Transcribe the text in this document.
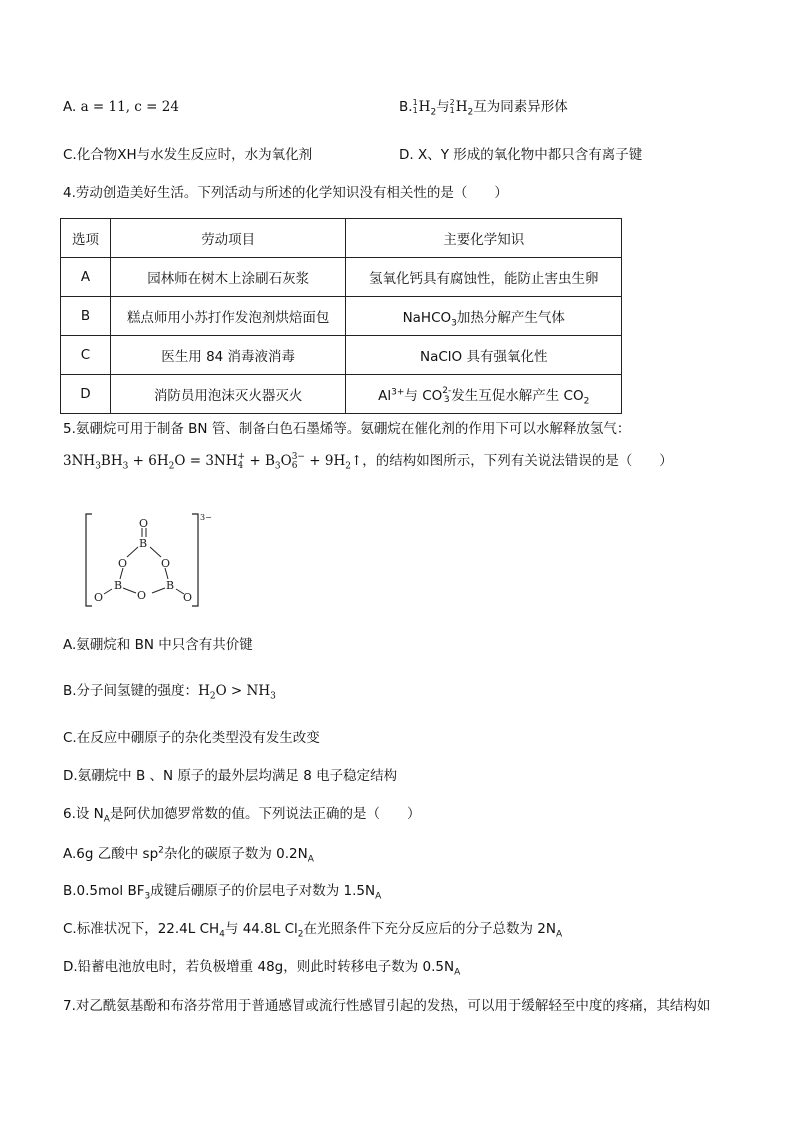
A. a = 11, c = 24	B.1
$1H_2$与2
$1H_2$互为同素异形体
C.化合物XH与水发生反应时，水为氧化剂	D. X、Y 形成的氧化物中都只含有离子键
4.劳动创造美好生活。下列活动与所述的化学知识没有相关性的是（　　）
选项	劳动项目	主要化学知识
A	园林师在树木上涂刷石灰浆	氢氧化钙具有腐蚀性，能防止害虫生卵
B	糕点师用小苏打作发泡剂烘焙面包	NaHCO$_3$加热分解产生气体
C	医生用 84 消毒液消毒	NaClO 具有强氧化性
D	消防员用泡沫灭火器灭火	$Al^{3+}$与 CO2-
3 发生互促水解产生 $CO_2$
5.氨硼烷可用于制备 BN 管、制备白色石墨烯等。氨硼烷在催化剂的作用下可以水解释放氢气：
$3NH_3BH_3 + 6H_2O = 3NH+$
$4 + B_3O3-$
$6 + 9H_2↑$，的结构如图所示，下列有关说法错误的是（　　）
3−
O
B
O	O
B	B
O
O	O
A.氨硼烷和 BN 中只含有共价键
B.分子间氢键的强度：$H_2O > NH_3$
C.在反应中硼原子的杂化类型没有发生改变
D.氨硼烷中 B 、N 原子的最外层均满足 8 电子稳定结构
6.设 $N_A$是阿伏加德罗常数的值。下列说法正确的是（　　）
A.6g 乙酸中 $sp^2$杂化的碳原子数为 $0.2N_A$
B.0.5mol $BF_3$成键后硼原子的价层电子对数为 $1.5N_A$
C.标准状况下，22.4L $CH_4$与 44.8L $Cl_2$在光照条件下充分反应后的分子总数为 $2N_A$
D.铅蓄电池放电时，若负极增重 48g，则此时转移电子数为 $0.5N_A$
7.对乙酰氨基酚和布洛芬常用于普通感冒或流行性感冒引起的发热，可以用于缓解轻至中度的疼痛，其结构如
